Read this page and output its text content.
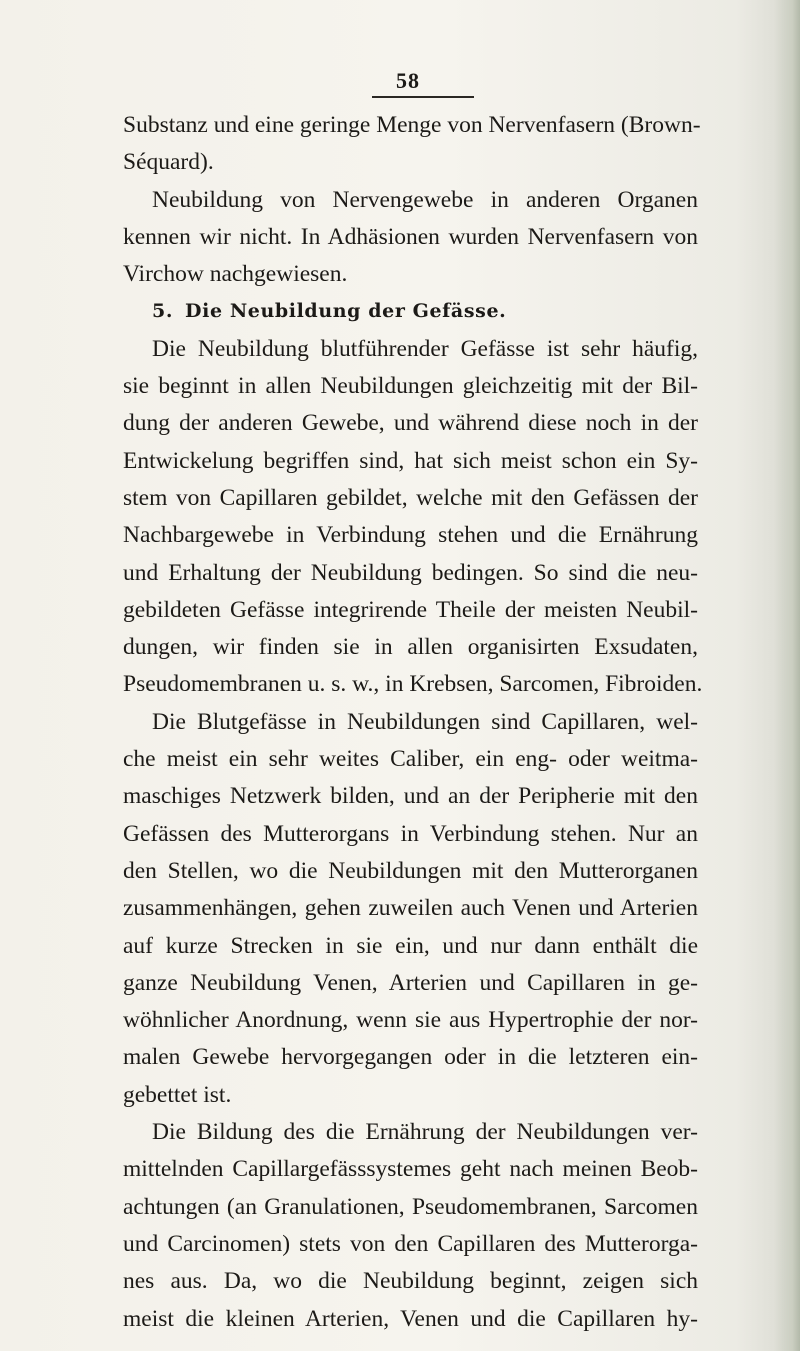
58
Substanz und eine geringe Menge von Nervenfasern (Brown-
Séquard).
Neubildung von Nervengewebe in anderen Organen
kennen wir nicht. In Adhäsionen wurden Nervenfasern von
Virchow nachgewiesen.
5. Die Neubildung der Gefässe.
Die Neubildung blutführender Gefässe ist sehr häufig,
sie beginnt in allen Neubildungen gleichzeitig mit der Bil-
dung der anderen Gewebe, und während diese noch in der
Entwickelung begriffen sind, hat sich meist schon ein Sy-
stem von Capillaren gebildet, welche mit den Gefässen der
Nachbargewebe in Verbindung stehen und die Ernährung
und Erhaltung der Neubildung bedingen. So sind die neu-
gebildeten Gefässe integrirende Theile der meisten Neubil-
dungen, wir finden sie in allen organisirten Exsudaten,
Pseudomembranen u. s. w., in Krebsen, Sarcomen, Fibroiden.
Die Blutgefässe in Neubildungen sind Capillaren, wel-
che meist ein sehr weites Caliber, ein eng- oder weitma-
maschiges Netzwerk bilden, und an der Peripherie mit den
Gefässen des Mutterorgans in Verbindung stehen. Nur an
den Stellen, wo die Neubildungen mit den Mutterorganen
zusammenhängen, gehen zuweilen auch Venen und Arterien
auf kurze Strecken in sie ein, und nur dann enthält die
ganze Neubildung Venen, Arterien und Capillaren in ge-
wöhnlicher Anordnung, wenn sie aus Hypertrophie der nor-
malen Gewebe hervorgegangen oder in die letzteren ein-
gebettet ist.
Die Bildung des die Ernährung der Neubildungen ver-
mittelnden Capillargefässsystemes geht nach meinen Beob-
achtungen (an Granulationen, Pseudomembranen, Sarcomen
und Carcinomen) stets von den Capillaren des Mutterorga-
nes aus. Da, wo die Neubildung beginnt, zeigen sich
meist die kleinen Arterien, Venen und die Capillaren hy-
